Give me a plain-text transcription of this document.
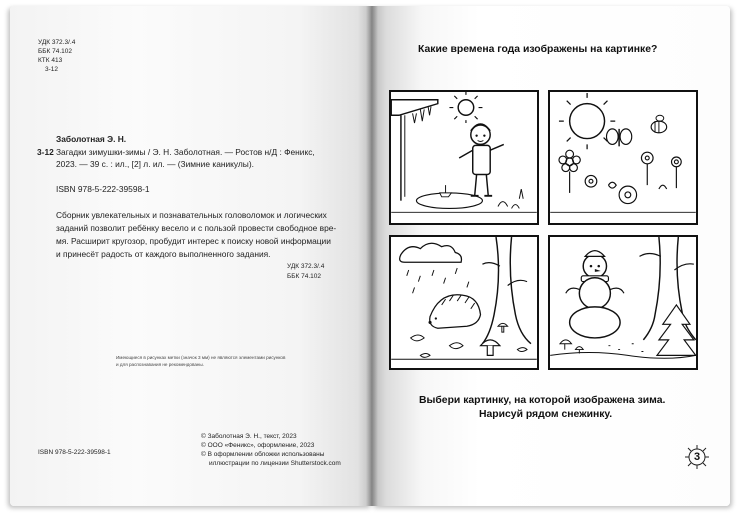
УДК 372.3/.4
ББК 74.102
КТК 413
3-12
Заболотная Э. Н.
3-12 Загадки зимушки-зимы / Э. Н. Заболотная. — Ростов н/Д : Феникс,
2023. — 39 с. : ил., [2] л. ил. — (Зимние каникулы).
ISBN 978-5-222-39598-1
Сборник увлекательных и познавательных головоломок и логических
заданий позволит ребёнку весело и с пользой провести свободное вре-
мя. Расширит кругозор, пробудит интерес к поиску новой информации
и принесёт радость от каждого выполненного задания.
УДК 372.3/.4
ББК 74.102
Имеющиеся в рисунках метки (значок 3 мм) не являются элементами рисунков
и для распознавания не рекомендованы.
ISBN 978-5-222-39598-1
© Заболотная Э. Н., текст, 2023
© ООО «Феникс», оформление, 2023
© В оформлении обложки использованы
иллюстрации по лицензии Shutterstock.com
Какие времена года изображены на картинке?
Выбери картинку, на которой изображена зима.
Нарисуй рядом снежинку.
3
